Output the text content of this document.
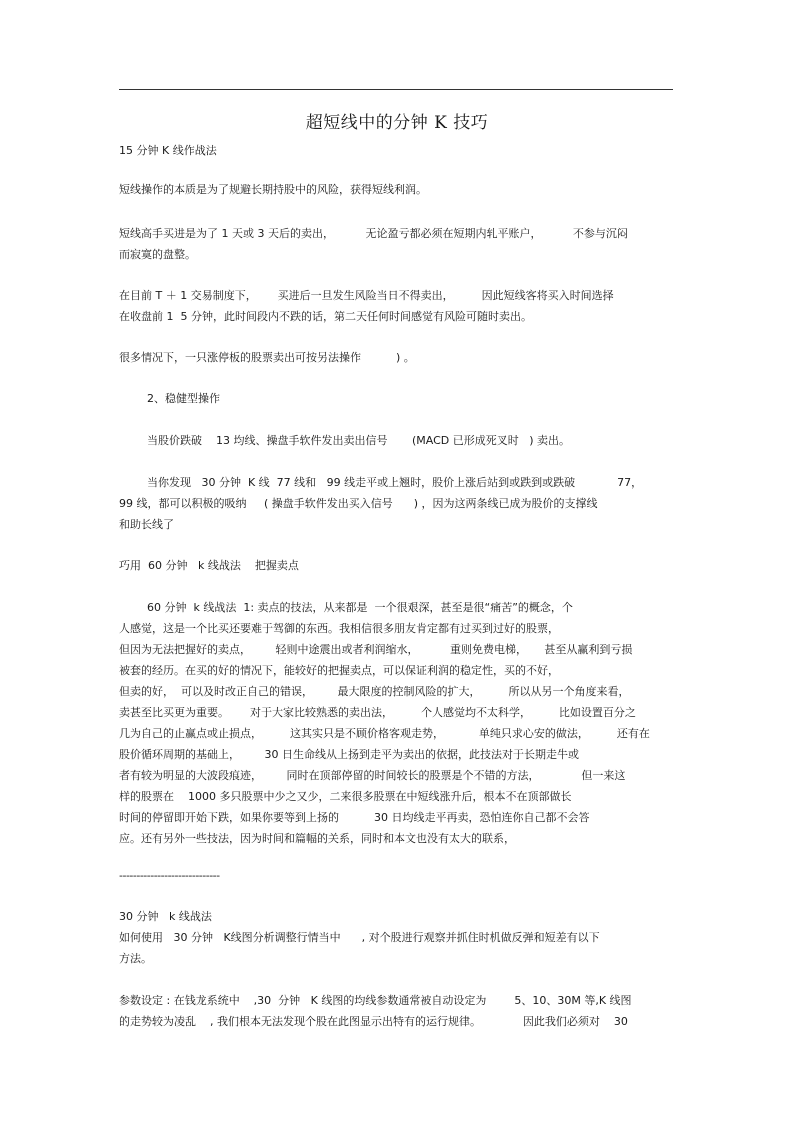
超短线中的分钟 K 技巧
15 分钟 K 线作战法
短线操作的本质是为了规避长期持股中的风险，获得短线利润。
短线高手买进是为了 1 天或 3 天后的卖出，         无论盈亏都必须在短期内轧平账户，         不参与沉闷
而寂寞的盘整。
在目前 T ＋ 1 交易制度下，      买进后一旦发生风险当日不得卖出，        因此短线客将买入时间选择
在收盘前 1  5 分钟，此时间段内不跌的话，第二天任何时间感觉有风险可随时卖出。
很多情况下，一只涨停板的股票卖出可按另法操作          ) 。
2、稳健型操作
当股价跌破    13 均线、操盘手软件发出卖出信号       (MACD 已形成死叉时   ) 卖出。
当你发现   30 分钟  K 线  77 线和   99 线走平或上翘时，股价上涨后站到或跌到或跌破            77，
99 线，都可以积极的吸纳     ( 操盘手软件发出买入信号      ) ，因为这两条线已成为股价的支撑线
和助长线了
巧用  60 分钟   k 线战法    把握卖点
60 分钟  k 线战法  1: 卖点的技法，从来都是  一个很艰深，甚至是很“痛苦”的概念，个
人感觉，这是一个比买还要难于驾御的东西。我相信很多朋友肯定都有过买到过好的股票，
但因为无法把握好的卖点，       轻则中途震出或者利润缩水，         重则免费电梯，     甚至从赢利到亏损
被套的经历。在买的好的情况下，能较好的把握卖点，可以保证利润的稳定性，买的不好，
但卖的好，  可以及时改正自己的错误，       最大限度的控制风险的扩大，        所以从另一个角度来看，
卖甚至比买更为重要。      对于大家比较熟悉的卖出法，        个人感觉均不太科学，        比如设置百分之
几为自己的止赢点或止损点，        这其实只是不顾价格客观走势，          单纯只求心安的做法，        还有在
股价循环周期的基础上，       30 日生命线从上扬到走平为卖出的依据，此技法对于长期走牛或
者有较为明显的大波段痕迹，       同时在顶部停留的时间较长的股票是个不错的方法，            但一来这
样的股票在    1000 多只股票中少之又少，二来很多股票在中短线涨升后，根本不在顶部做长
时间的停留即开始下跌，如果你要等到上扬的          30 日均线走平再卖，恐怕连你自己都不会答
应。还有另外一些技法，因为时间和篇幅的关系，同时和本文也没有太大的联系，
-----------------------------
30 分钟   k 线战法
如何使用   30 分钟   K线图分析调整行情当中      , 对个股进行观察并抓住时机做反弹和短差有以下
方法。
参数设定 : 在钱龙系统中    ,30  分钟   K 线图的均线参数通常被自动设定为        5、10、30M 等,K 线图
的走势较为凌乱    , 我们根本无法发现个股在此图显示出特有的运行规律。            因此我们必须对    30
